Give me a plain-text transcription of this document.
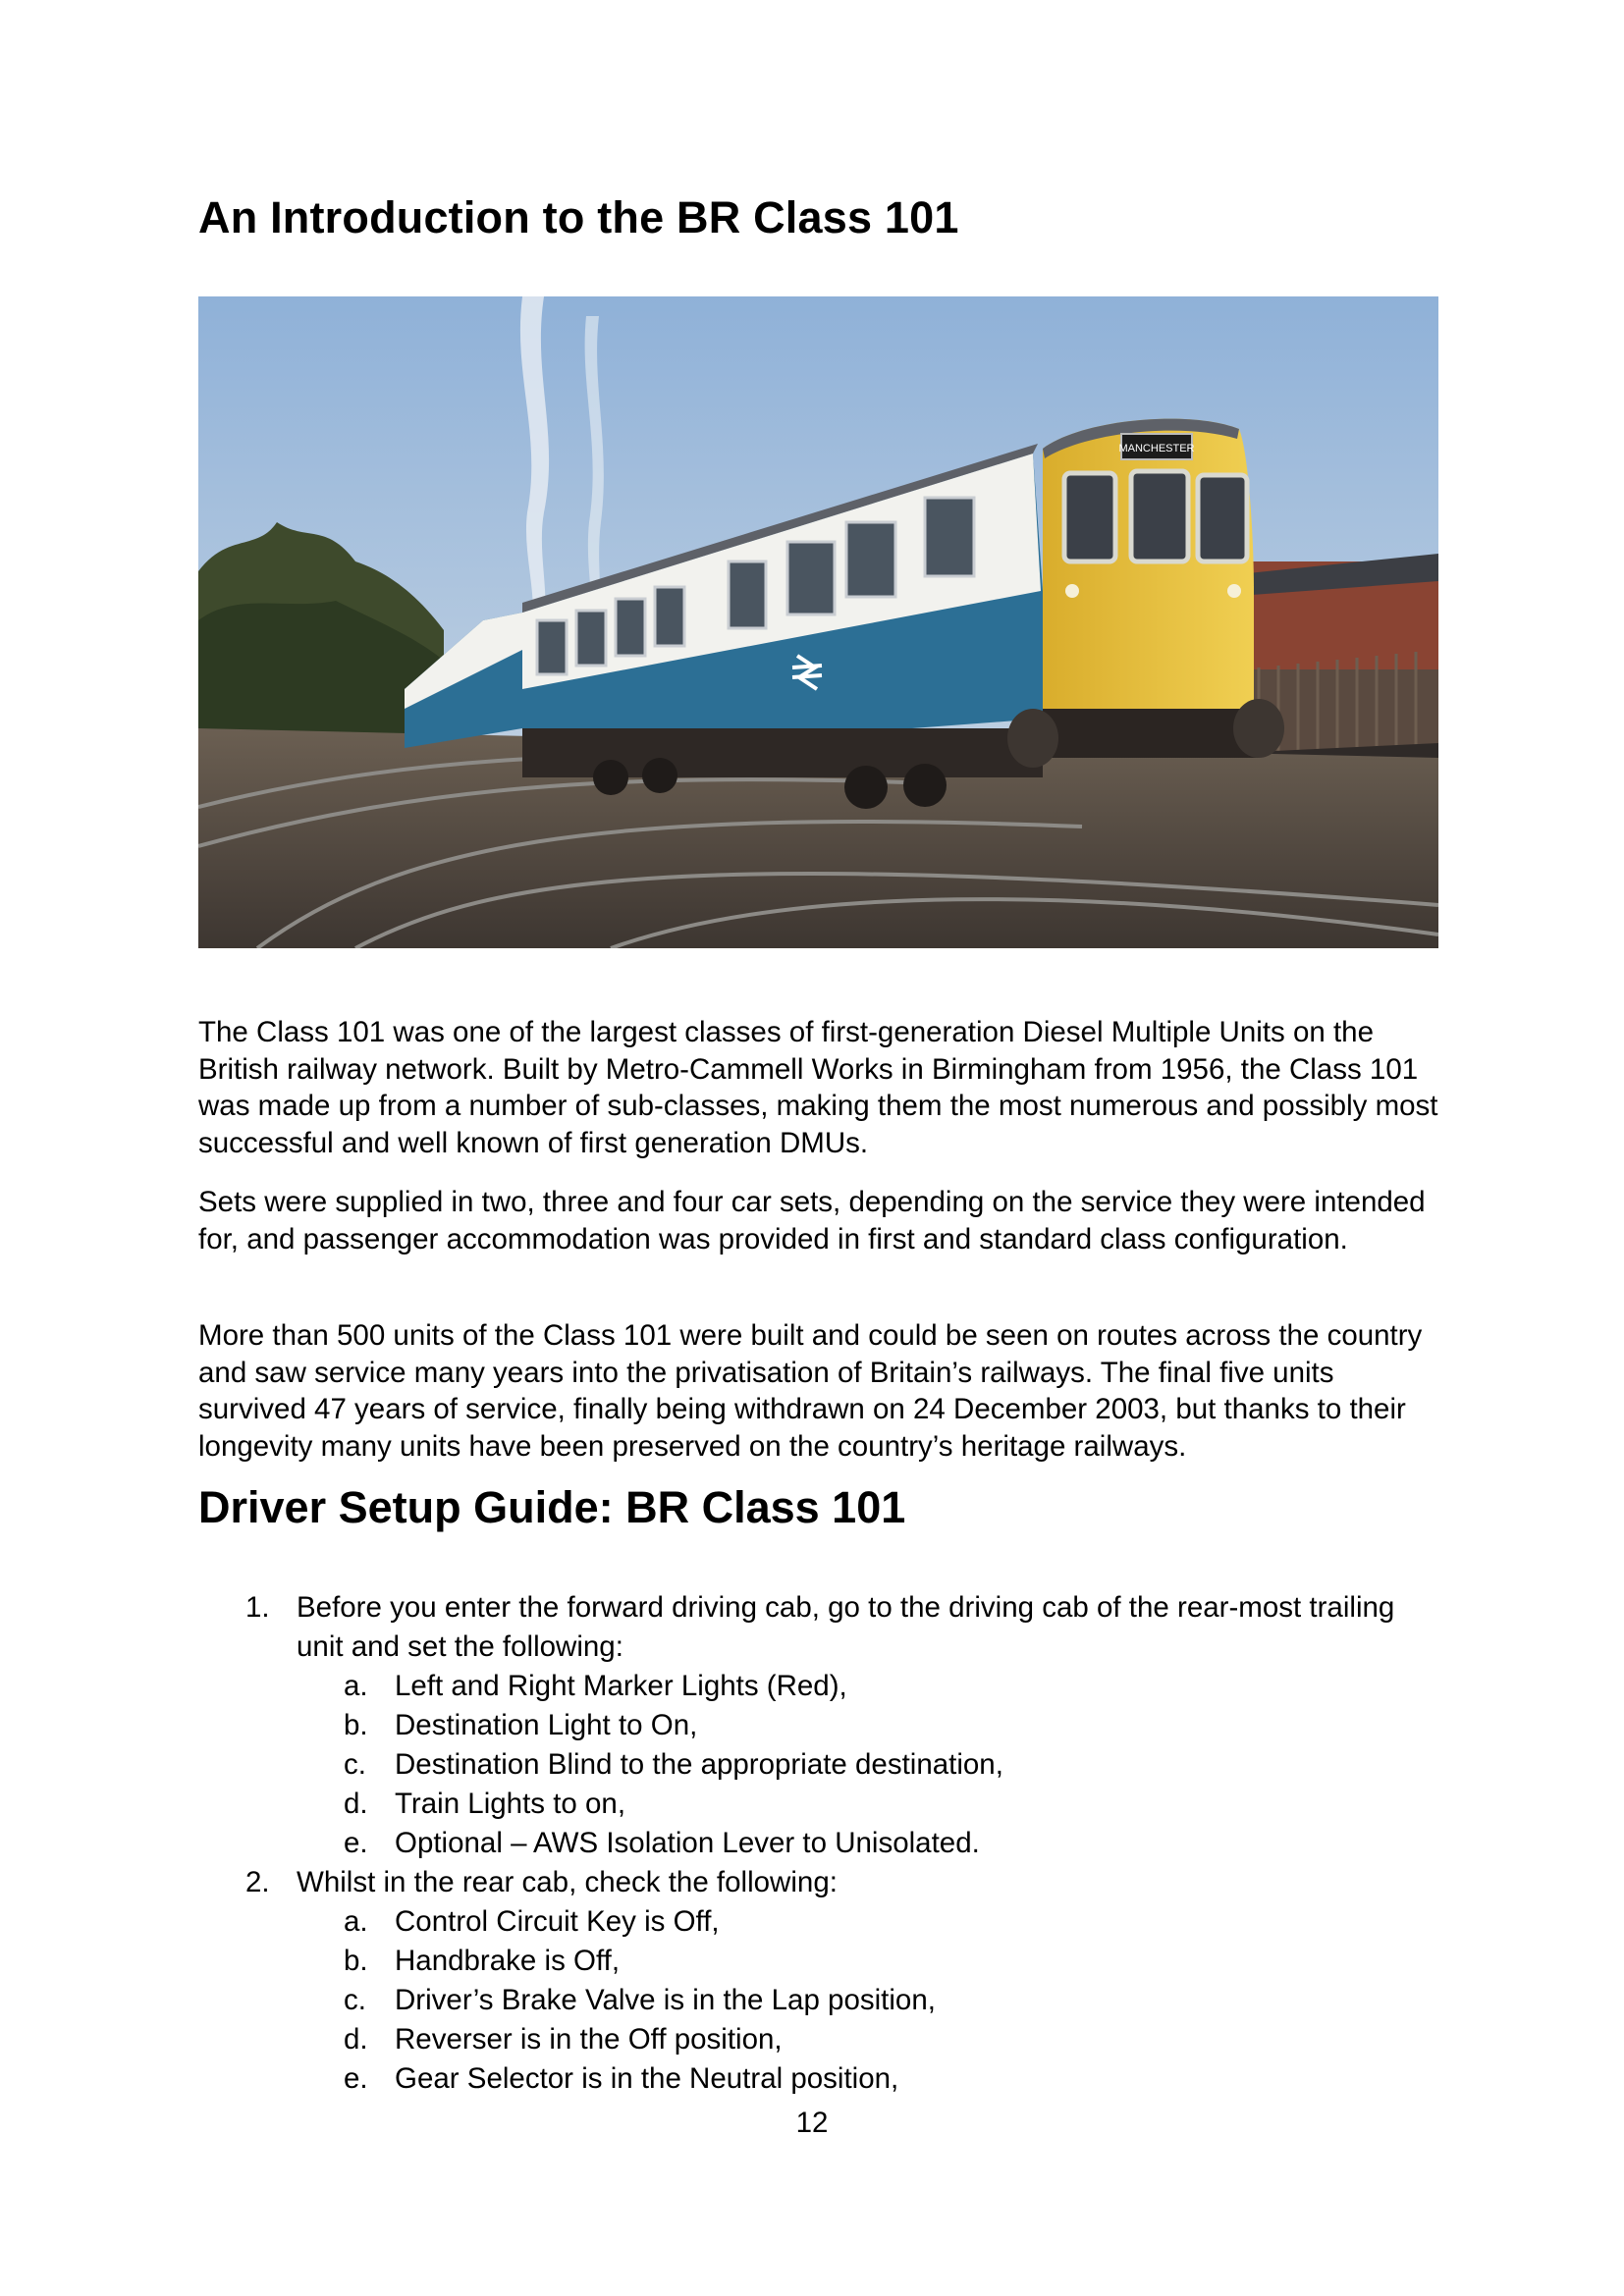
An Introduction to the BR Class 101
MANCHESTER

The Class 101 was one of the largest classes of first-generation Diesel Multiple Units on the British railway network. Built by Metro-Cammell Works in Birmingham from 1956, the Class 101 was made up from a number of sub-classes, making them the most numerous and possibly most successful and well known of first generation DMUs.

Sets were supplied in two, three and four car sets, depending on the service they were intended for, and passenger accommodation was provided in first and standard class configuration.

More than 500 units of the Class 101 were built and could be seen on routes across the country and saw service many years into the privatisation of Britain’s railways. The final five units survived 47 years of service, finally being withdrawn on 24 December 2003, but thanks to their longevity many units have been preserved on the country’s heritage railways.

Driver Setup Guide: BR Class 101
1. Before you enter the forward driving cab, go to the driving cab of the rear-most trailing unit and set the following:
a. Left and Right Marker Lights (Red),
b. Destination Light to On,
c. Destination Blind to the appropriate destination,
d. Train Lights to on,
e. Optional – AWS Isolation Lever to Unisolated.
2. Whilst in the rear cab, check the following:
a. Control Circuit Key is Off,
b. Handbrake is Off,
c. Driver’s Brake Valve is in the Lap position,
d. Reverser is in the Off position,
e. Gear Selector is in the Neutral position,
12
